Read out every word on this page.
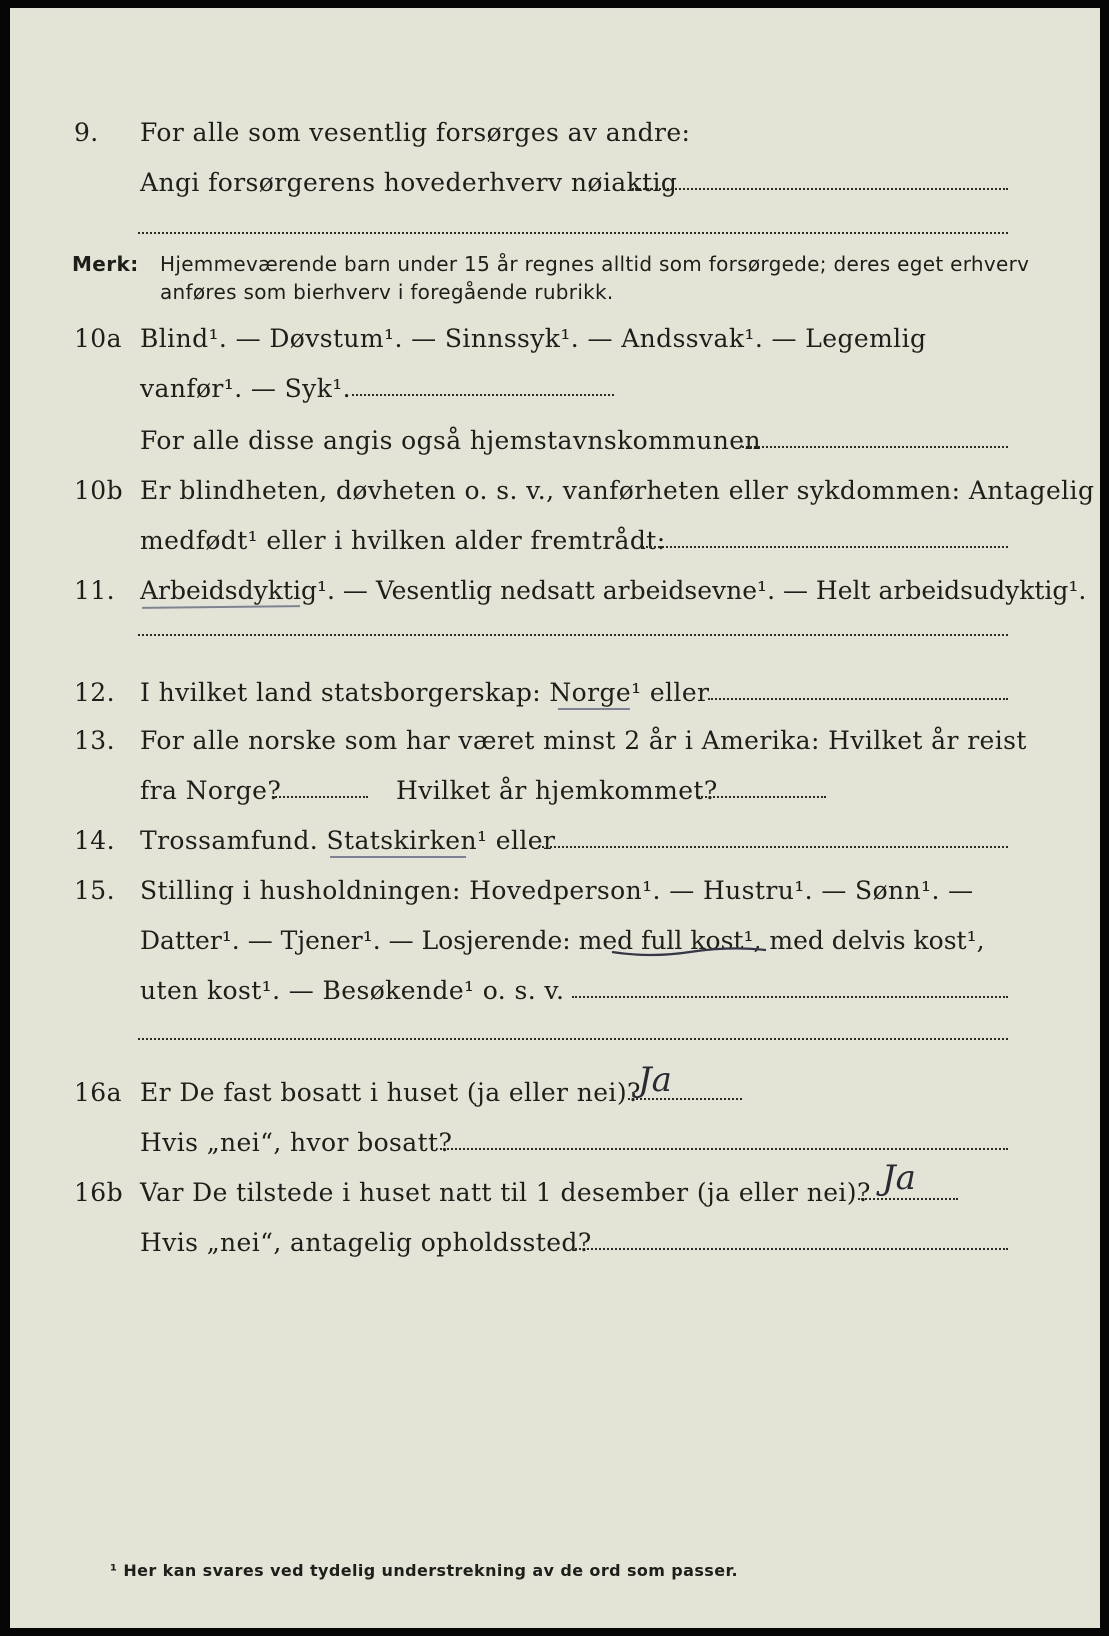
9. For alle som vesentlig forsørges av andre:
Angi forsørgerens hovederhverv nøiaktig
Merk: Hjemmeværende barn under 15 år regnes alltid som forsørgede; deres eget erhverv
anføres som bierhverv i foregående rubrikk.
10a Blind¹. — Døvstum¹. — Sinnssyk¹. — Andssvak¹. — Legemlig
vanfør¹. — Syk¹.
For alle disse angis også hjemstavnskommunen
10b Er blindheten, døvheten o. s. v., vanførheten eller sykdommen: Antagelig
medfødt¹ eller i hvilken alder fremtrådt:
11. Arbeidsdyktig¹. — Vesentlig nedsatt arbeidsevne¹. — Helt arbeidsudyktig¹.
12. I hvilket land statsborgerskap: Norge¹ eller
13. For alle norske som har været minst 2 år i Amerika: Hvilket år reist
fra Norge?	Hvilket år hjemkommet?
14. Trossamfund. Statskirken¹ eller
15. Stilling i husholdningen: Hovedperson¹. — Hustru¹. — Sønn¹. —
Datter¹. — Tjener¹. — Losjerende: med full kost¹, med delvis kost¹,
uten kost¹. — Besøkende¹ o. s. v.
16a Er De fast bosatt i huset (ja eller nei)?
Ja
Hvis „nei“, hvor bosatt?
16b Var De tilstede i huset natt til 1 desember (ja eller nei)? Ja
Hvis „nei“, antagelig opholdssted?
¹ Her kan svares ved tydelig understrekning av de ord som passer.
